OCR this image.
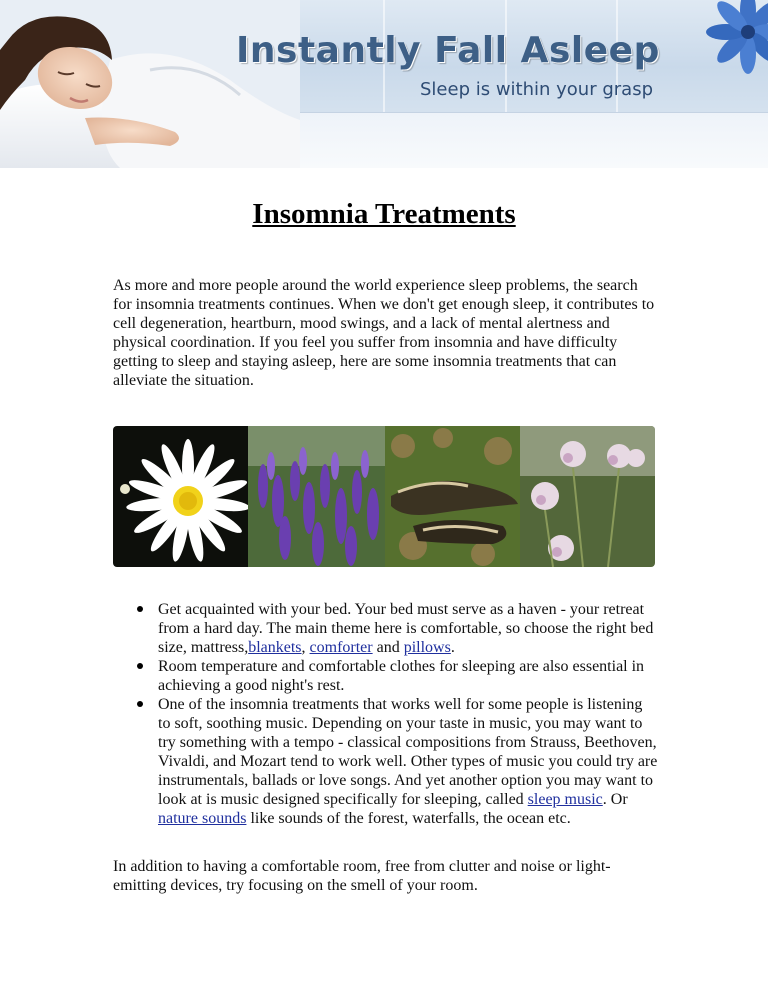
Instantly Fall Asleep
Sleep is within your grasp
Insomnia Treatments

As more and more people around the world experience sleep problems, the search for insomnia treatments continues. When we don't get enough sleep, it contributes to cell degeneration, heartburn, mood swings, and a lack of mental alertness and physical coordination. If you feel you suffer from insomnia and have difficulty getting to sleep and staying asleep, here are some insomnia treatments that can alleviate the situation.

Get acquainted with your bed. Your bed must serve as a haven - your retreat from a hard day. The main theme here is comfortable, so choose the right bed size, mattress,blankets, comforter and pillows.
Room temperature and comfortable clothes for sleeping are also essential in achieving a good night's rest.
One of the insomnia treatments that works well for some people is listening to soft, soothing music. Depending on your taste in music, you may want to try something with a tempo - classical compositions from Strauss, Beethoven, Vivaldi, and Mozart tend to work well. Other types of music you could try are instrumentals, ballads or love songs. And yet another option you may want to look at is music designed specifically for sleeping, called sleep music. Or nature sounds like sounds of the forest, waterfalls, the ocean etc.

In addition to having a comfortable room, free from clutter and noise or light-emitting devices, try focusing on the smell of your room.
